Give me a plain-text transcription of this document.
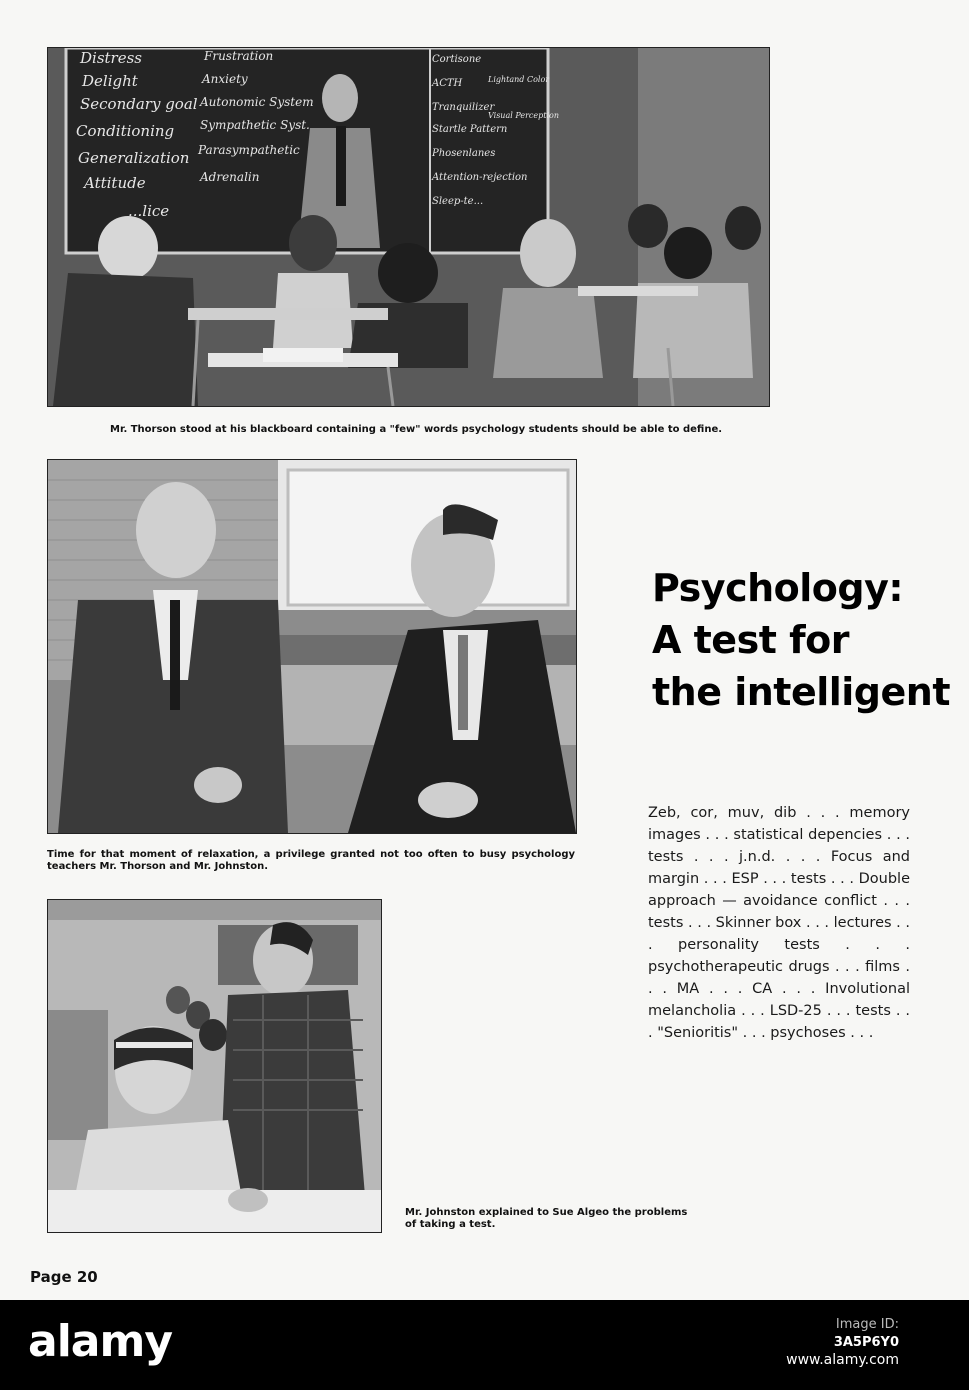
Distress
Delight
Secondary goal
Conditioning
Generalization
Attitude
...lice
Frustration
Anxiety
Autonomic System
Sympathetic Syst.
Parasympathetic
Adrenalin
Cortisone
ACTH
Tranquilizer
Startle Pattern
Phosenlanes
Attention-rejection
Sleep-te...
Lightand Color
Visual Perception
Mr. Thorson stood at his blackboard containing a "few" words psychology students should be able to define.
Time for that moment of relaxation, a privilege granted not too often to busy psychology teachers Mr. Thorson and Mr. Johnston.
Mr. Johnston explained to Sue Algeo the problems of taking a test.
Psychology:
A test for
the intelligent
Zeb, cor, muv, dib . . . memory images . . . statistical depencies . . . tests . . . j.n.d. . . . Focus and margin . . . ESP . . . tests . . . Double approach — avoidance conflict . . . tests . . . Skinner box . . . lectures . . . personality tests . . . psychotherapeutic drugs . . . films . . . MA . . . CA . . . Involutional melancholia . . . LSD-25 . . . tests . . . "Senioritis" . . . psychoses . . .
Page 20
alamy	Image ID:
3A5P6Y0
www.alamy.com
